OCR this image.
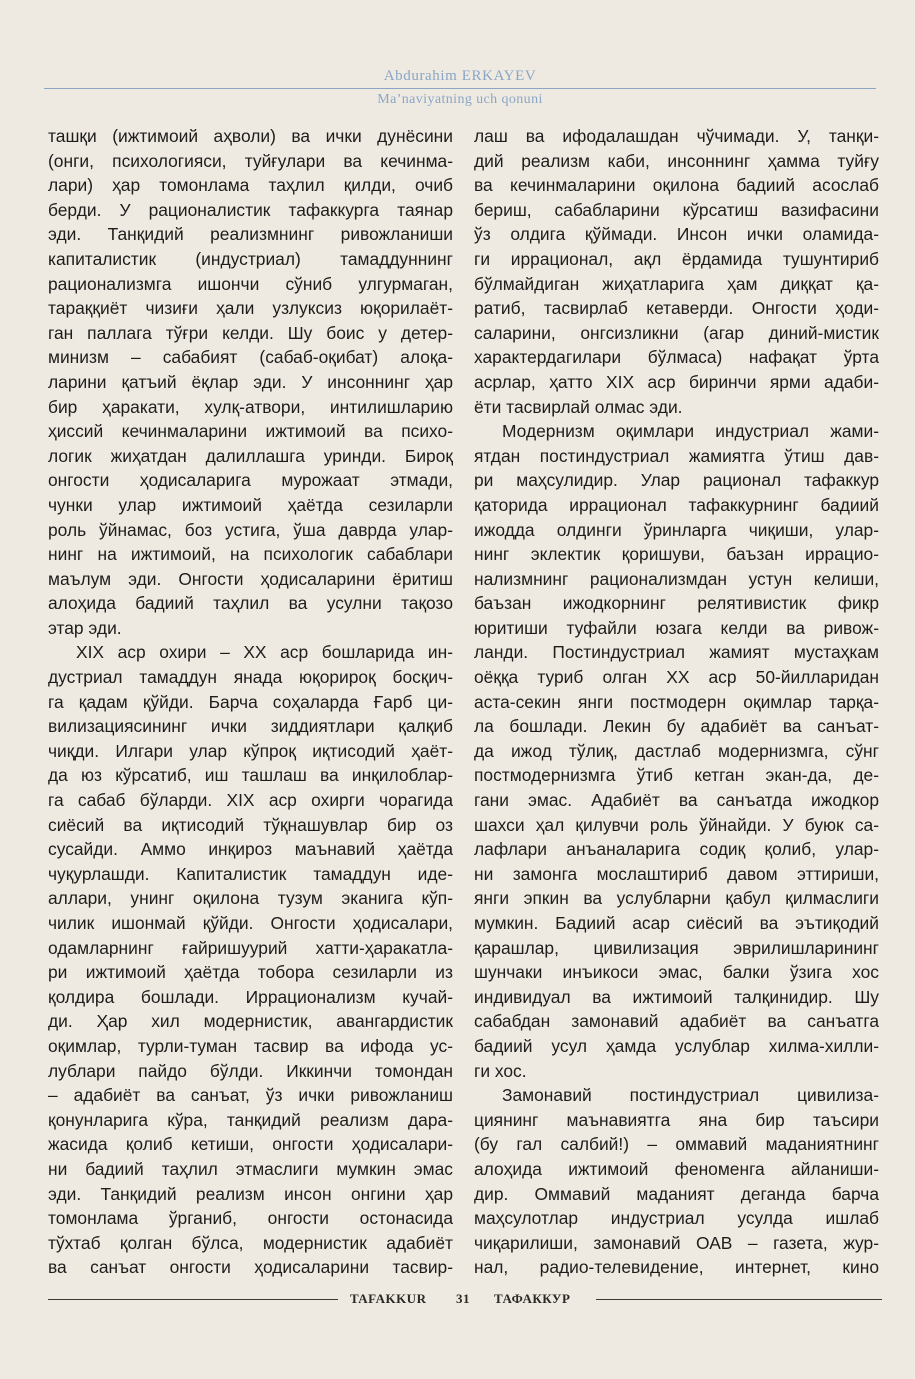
Abdurahim ERKAYEV
Ma’naviyatning uch qonuni
ташқи (ижтимоий аҳволи) ва ички дунёсини
(онги, психологияси, туйғулари ва кечинма-
лари) ҳар томонлама таҳлил қилди, очиб
берди. У рационалистик тафаккурга таянар
эди. Танқидий реализмнинг ривожланиши
капиталистик (индустриал) тамаддуннинг
рационализмга ишончи сўниб улгурмаган,
тараққиёт чизиғи ҳали узлуксиз юқорилаёт-
ган паллага тўғри келди. Шу боис у детер-
минизм – сабабият (сабаб-оқибат) алоқа-
ларини қатъий ёқлар эди. У инсоннинг ҳар
бир ҳаракати, хулқ-атвори, интилишларию
ҳиссий кечинмаларини ижтимоий ва психо-
логик жиҳатдан далиллашга уринди. Бироқ
онгости ҳодисаларига мурожаат этмади,
чунки улар ижтимоий ҳаётда сезиларли
роль ўйнамас, боз устига, ўша даврда улар-
нинг на ижтимоий, на психологик сабаблари
маълум эди. Онгости ҳодисаларини ёритиш
алоҳида бадиий таҳлил ва усулни тақозо
этар эди.
XIX аср охири – XX аср бошларида ин-
дустриал тамаддун янада юқорироқ босқич-
га қадам қўйди. Барча соҳаларда Ғарб ци-
вилизациясининг ички зиддиятлари қалқиб
чиқди. Илгари улар кўпроқ иқтисодий ҳаёт-
да юз кўрсатиб, иш ташлаш ва инқилоблар-
га сабаб бўларди. XIX аср охирги чорагида
сиёсий ва иқтисодий тўқнашувлар бир оз
сусайди. Аммо инқироз маънавий ҳаётда
чуқурлашди. Капиталистик тамаддун иде-
аллари, унинг оқилона тузум эканига кўп-
чилик ишонмай қўйди. Онгости ҳодисалари,
одамларнинг ғайришуурий хатти-ҳаракатла-
ри ижтимоий ҳаётда тобора сезиларли из
қолдира бошлади. Иррационализм кучай-
ди. Ҳар хил модернистик, авангардистик
оқимлар, турли-туман тасвир ва ифода ус-
лублари пайдо бўлди. Иккинчи томондан
– адабиёт ва санъат, ўз ички ривожланиш
қонунларига кўра, танқидий реализм дара-
жасида қолиб кетиши, онгости ҳодисалари-
ни бадиий таҳлил этмаслиги мумкин эмас
эди. Танқидий реализм инсон онгини ҳар
томонлама ўрганиб, онгости остонасида
тўхтаб қолган бўлса, модернистик адабиёт
ва санъат онгости ҳодисаларини тасвир-
лаш ва ифодалашдан чўчимади. У, танқи-
дий реализм каби, инсоннинг ҳамма туйғу
ва кечинмаларини оқилона бадиий асослаб
бериш, сабабларини кўрсатиш вазифасини
ўз олдига қўймади. Инсон ички оламида-
ги иррационал, ақл ёрдамида тушунтириб
бўлмайдиган жиҳатларига ҳам диққат қа-
ратиб, тасвирлаб кетаверди. Онгости ҳоди-
саларини, онгсизликни (агар диний-мистик
характердагилари бўлмаса) нафақат ўрта
асрлар, ҳатто XIX аср биринчи ярми адаби-
ёти тасвирлай олмас эди.
Модернизм оқимлари индустриал жами-
ятдан постиндустриал жамиятга ўтиш дав-
ри маҳсулидир. Улар рационал тафаккур
қаторида иррационал тафаккурнинг бадиий
ижодда олдинги ўринларга чиқиши, улар-
нинг эклектик қоришуви, баъзан иррацио-
нализмнинг рационализмдан устун келиши,
баъзан ижодкорнинг релятивистик фикр
юритиши туфайли юзага келди ва ривож-
ланди. Постиндустриал жамият мустаҳкам
оёққа туриб олган XX аср 50-йилларидан
аста-секин янги постмодерн оқимлар тарқа-
ла бошлади. Лекин бу адабиёт ва санъат-
да ижод тўлиқ, дастлаб модернизмга, сўнг
постмодернизмга ўтиб кетган экан-да, де-
гани эмас. Адабиёт ва санъатда ижодкор
шахси ҳал қилувчи роль ўйнайди. У буюк са-
лафлари анъаналарига содиқ қолиб, улар-
ни замонга мослаштириб давом эттириши,
янги эпкин ва услубларни қабул қилмаслиги
мумкин. Бадиий асар сиёсий ва эътиқодий
қарашлар, цивилизация эврилишларининг
шунчаки инъикоси эмас, балки ўзига хос
индивидуал ва ижтимоий талқинидир. Шу
сабабдан замонавий адабиёт ва санъатга
бадиий усул ҳамда услублар хилма-хилли-
ги хос.
Замонавий постиндустриал цивилиза-
циянинг маънавиятга яна бир таъсири
(бу гал салбий!) – оммавий маданиятнинг
алоҳида ижтимоий феноменга айланиши-
дир. Оммавий маданият деганда барча
маҳсулотлар индустриал усулда ишлаб
чиқарилиши, замонавий ОАВ – газета, жур-
нал, радио-телевидение, интернет, кино
TAFAKKUR 31 ТАФАККУР
